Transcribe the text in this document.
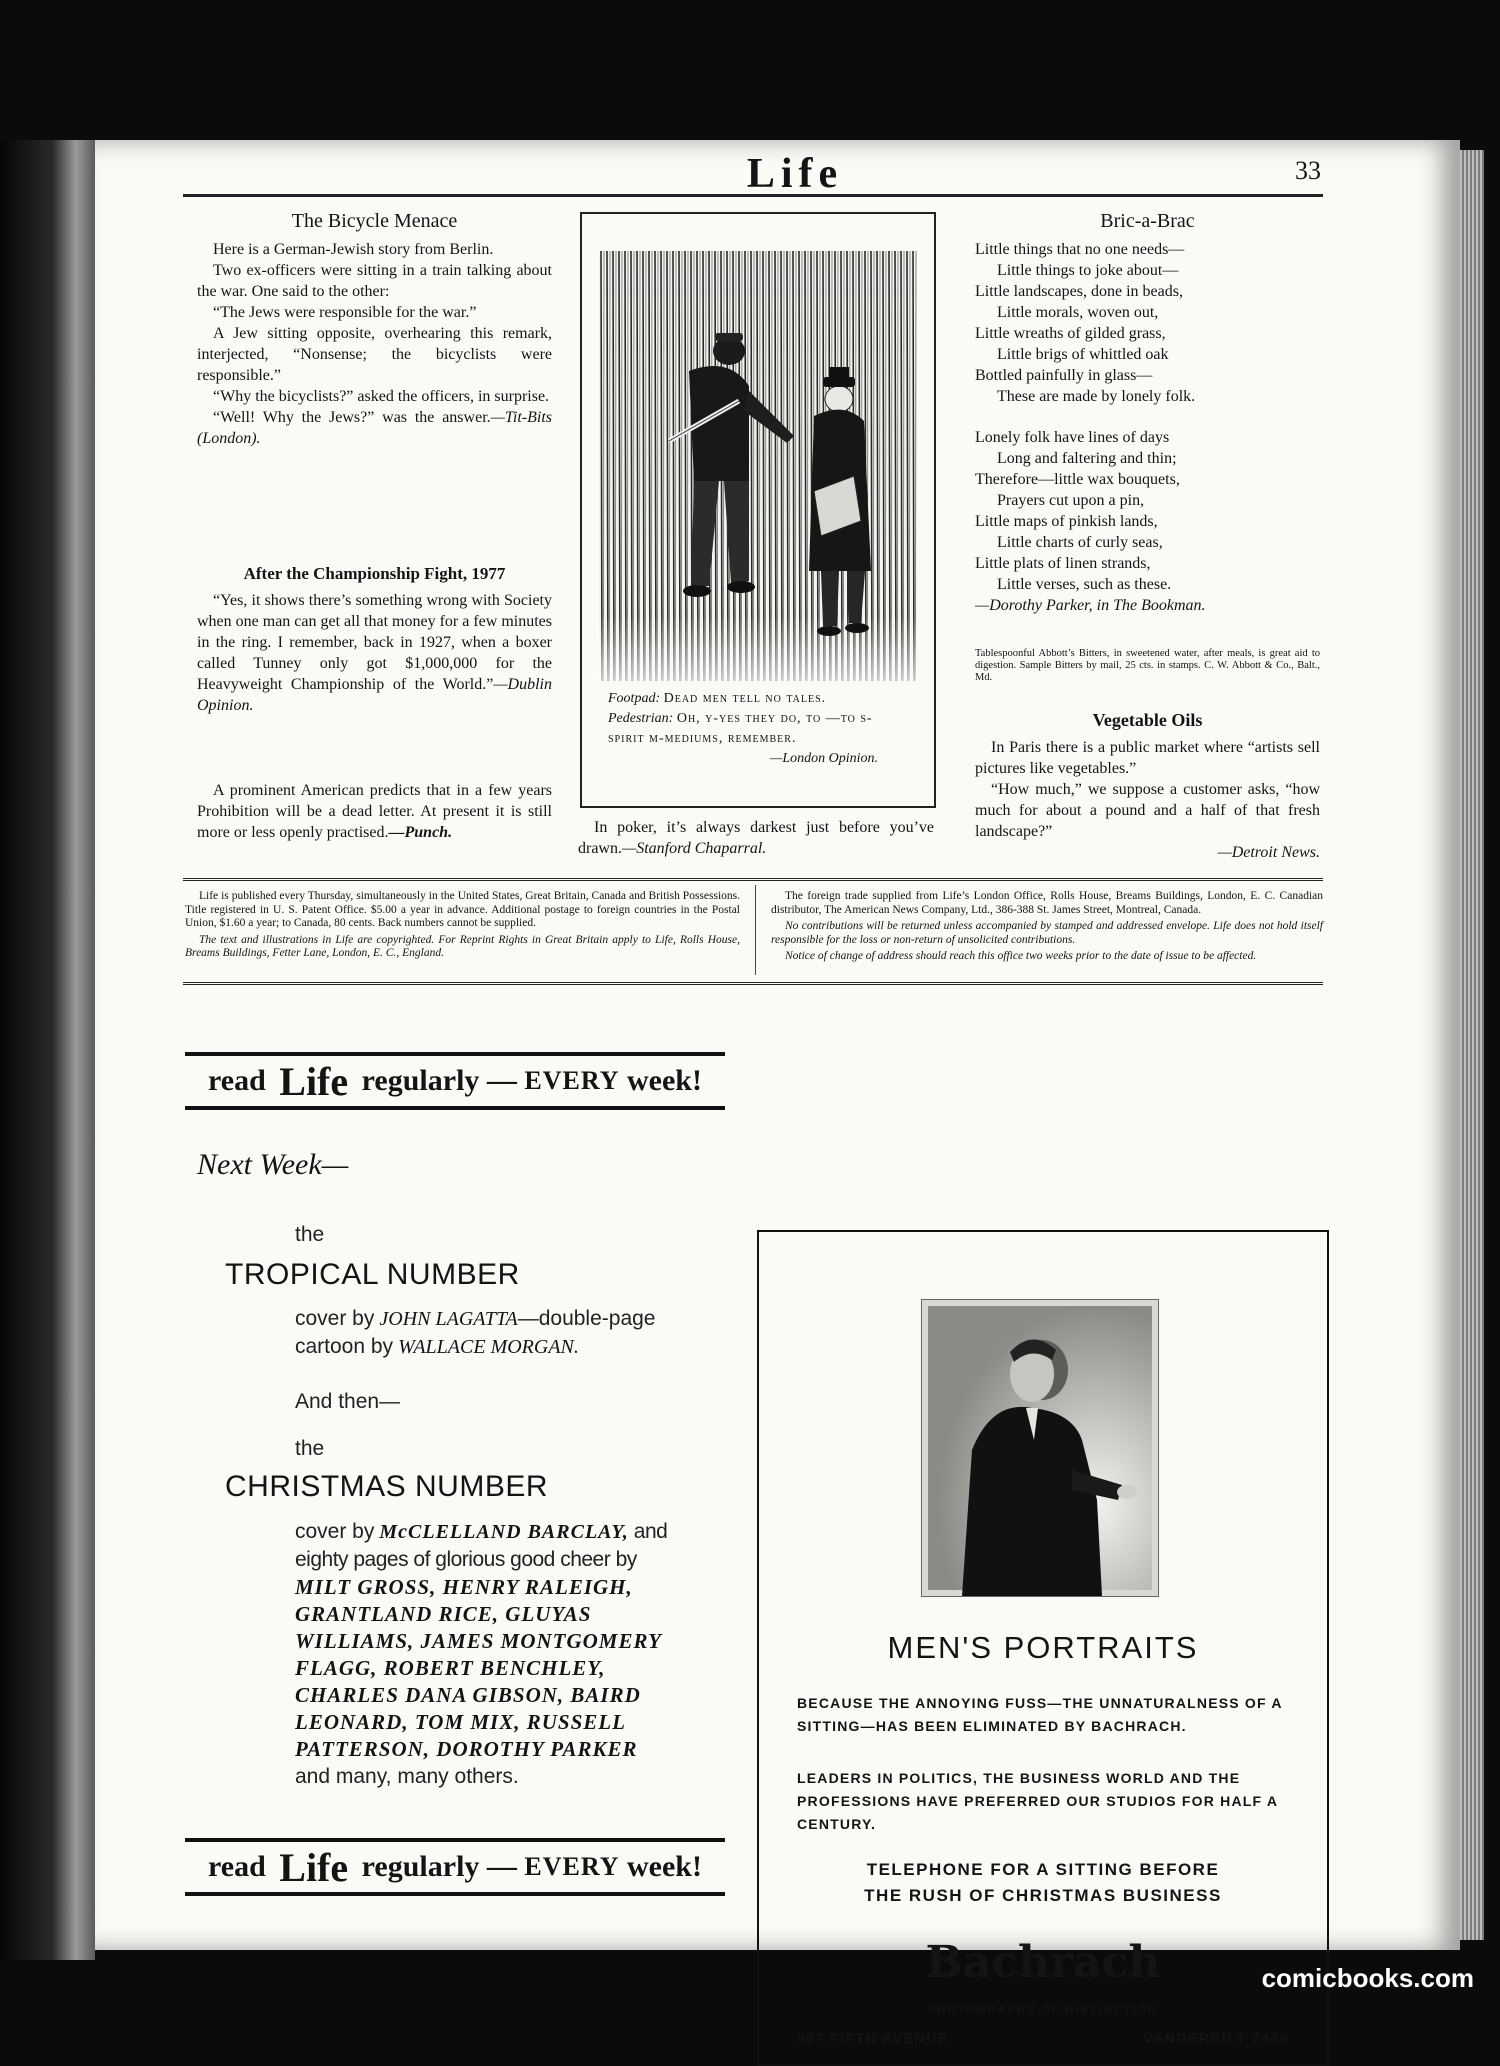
Life	33
The Bicycle Menace

Here is a German-Jewish story from Berlin.

Two ex-officers were sitting in a train talking about the war. One said to the other:

“The Jews were responsible for the war.”

A Jew sitting opposite, overhearing this remark, interjected, “Nonsense; the bicyclists were responsible.”

“Why the bicyclists?” asked the officers, in surprise.

“Well! Why the Jews?” was the answer.—Tit-Bits (London).

After the Championship Fight, 1977

“Yes, it shows there’s something wrong with Society when one man can get all that money for a few minutes in the ring. I remember, back in 1927, when a boxer called Tunney only got $1,000,000 for the Heavyweight Championship of the World.”—Dublin Opinion.

A prominent American predicts that in a few years Prohibition will be a dead letter. At present it is still more or less openly practised.—Punch.

Footpad: Dead men tell no tales.
Pedestrian: Oh, y-yes they do, to —to s-spirit m-mediums, remember.
—London Opinion.

In poker, it’s always darkest just before you’ve drawn.—Stanford Chaparral.

Bric-a-Brac
Little things that no one needs—
Little things to joke about—
Little landscapes, done in beads,
Little morals, woven out,
Little wreaths of gilded grass,
Little brigs of whittled oak
Bottled painfully in glass—
These are made by lonely folk.
Lonely folk have lines of days
Long and faltering and thin;
Therefore—little wax bouquets,
Prayers cut upon a pin,
Little maps of pinkish lands,
Little charts of curly seas,
Little plats of linen strands,
Little verses, such as these.
—Dorothy Parker, in The Bookman.
Tablespoonful Abbott’s Bitters, in sweetened water, after meals, is great aid to digestion. Sample Bitters by mail, 25 cts. in stamps. C. W. Abbott & Co., Balt., Md.
Vegetable Oils

In Paris there is a public market where “artists sell pictures like vegetables.”

“How much,” we suppose a customer asks, “how much for about a pound and a half of that fresh landscape?”

—Detroit News.

Life is published every Thursday, simultaneously in the United States, Great Britain, Canada and British Possessions. Title registered in U. S. Patent Office. $5.00 a year in advance. Additional postage to foreign countries in the Postal Union, $1.60 a year; to Canada, 80 cents. Back numbers cannot be supplied.

The text and illustrations in Life are copyrighted. For Reprint Rights in Great Britain apply to Life, Rolls House, Breams Buildings, Fetter Lane, London, E. C., England.

The foreign trade supplied from Life’s London Office, Rolls House, Breams Buildings, London, E. C. Canadian distributor, The American News Company, Ltd., 386-388 St. James Street, Montreal, Canada.

No contributions will be returned unless accompanied by stamped and addressed envelope. Life does not hold itself responsible for the loss or non-return of unsolicited contributions.

Notice of change of address should reach this office two weeks prior to the date of issue to be affected.

read
Life
regularly —
EVERY
week!
Next Week—
the
TROPICAL NUMBER
cover by JOHN LAGATTA—double-page cartoon by WALLACE MORGAN.
And then—
the
CHRISTMAS NUMBER
cover by McCLELLAND BARCLAY, and eighty pages of glorious good cheer by
MILT GROSS, HENRY RALEIGH, GRANTLAND RICE, GLUYAS WILLIAMS, JAMES MONTGOMERY FLAGG, ROBERT BENCHLEY, CHARLES DANA GIBSON, BAIRD LEONARD, TOM MIX, RUSSELL PATTERSON, DOROTHY PARKER
and many, many others.
read
Life
regularly —
EVERY
week!
MEN'S PORTRAITS
BECAUSE THE ANNOYING FUSS—THE UNNATURALNESS OF A SITTING—HAS BEEN ELIMINATED BY BACHRACH.
LEADERS IN POLITICS, THE BUSINESS WORLD AND THE PROFESSIONS HAVE PREFERRED OUR STUDIOS FOR HALF A CENTURY.
TELEPHONE FOR A SITTING BEFORE
THE RUSH OF CHRISTMAS BUSINESS
Bachrach
PHOTOGRAPHS OF DISTINCTION
507 FIFTH AVENUE	VANDERBILT 7400
comicbooks.com
